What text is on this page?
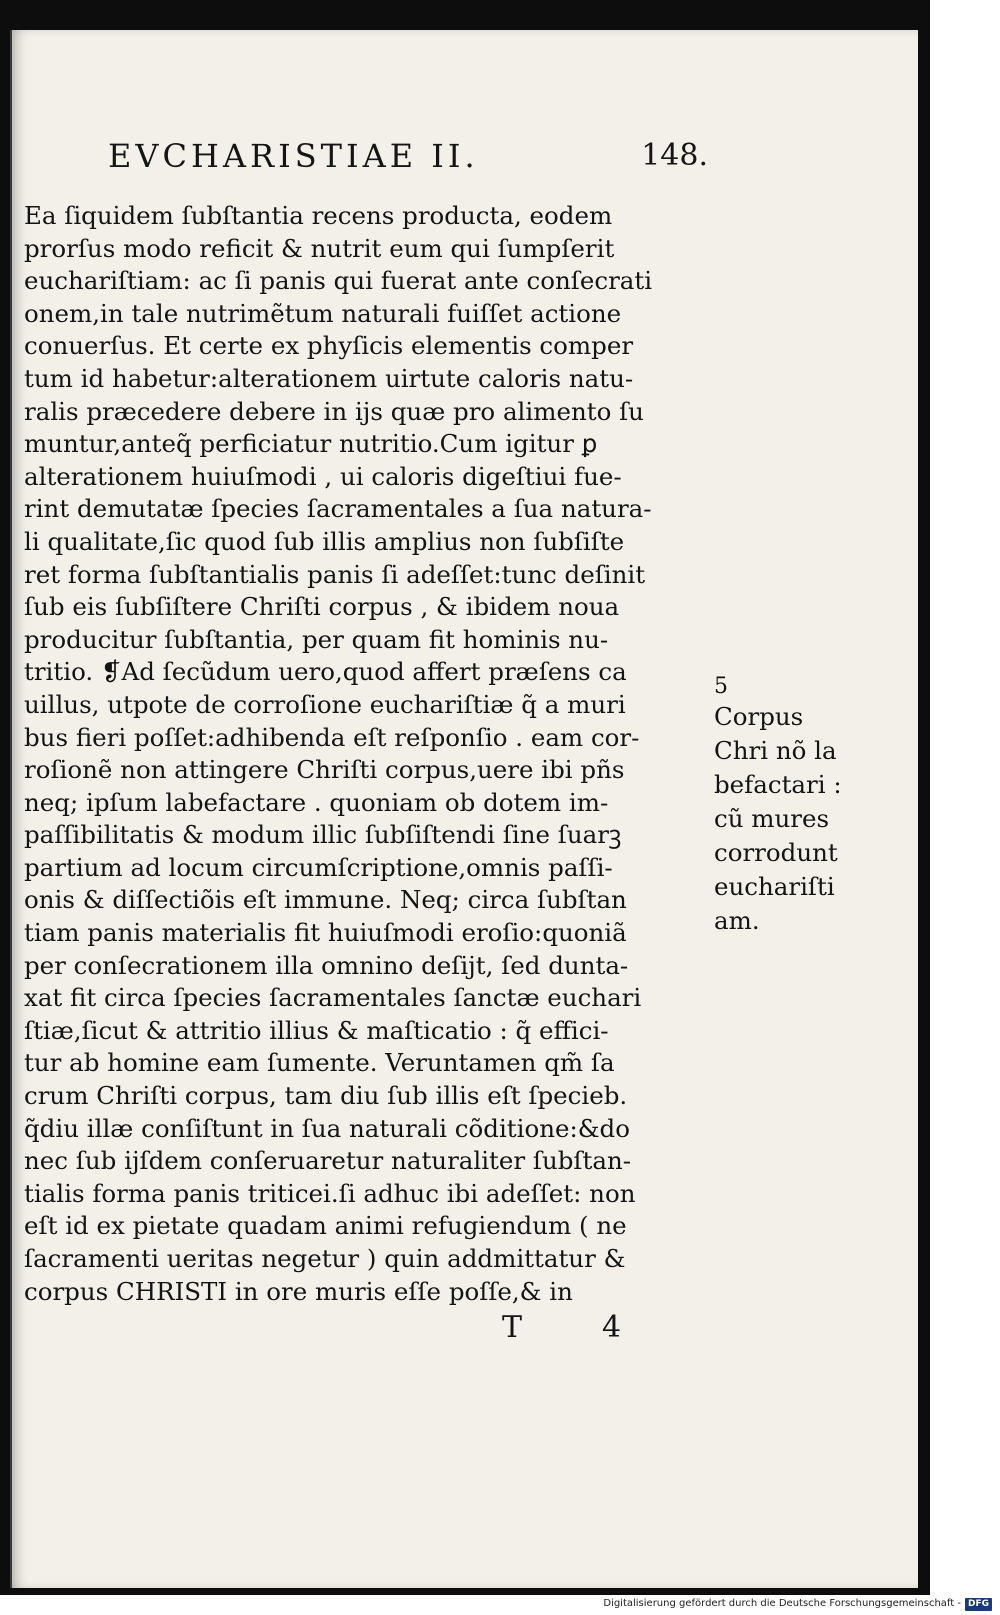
EVCHARISTIAE II.	148.
Ea ſiquidem ſubſtantia recens producta, eodem
prorſus modo reficit & nutrit eum qui ſumpſerit
euchariſtiam: ac ſi panis qui fuerat ante conſecrati
onem,in tale nutrimẽtum naturali fuiſſet actione
conuerſus. Et certe ex phyſicis elementis comper
tum id habetur:alterationem uirtute caloris natu-
ralis præcedere debere in ijs quæ pro alimento ſu
muntur,anteq̃ perficiatur nutritio.Cum igitur ꝑ
alterationem huiuſmodi , ui caloris digeſtiui fue-
rint demutatæ ſpecies ſacramentales a ſua natura-
li qualitate,ſic quod ſub illis amplius non ſubſiſte
ret forma ſubſtantialis panis ſi adeſſet:tunc deſinit
ſub eis ſubſiſtere Chriſti corpus , & ibidem noua
producitur ſubſtantia, per quam fit hominis nu-
tritio. ❡Ad ſecũdum uero,quod affert præſens ca
uillus, utpote de corroſione euchariſtiæ q̃ a muri
bus fieri poſſet:adhibenda eſt reſponſio . eam cor-
roſionẽ non attingere Chriſti corpus,uere ibi pñs
neq; ipſum labefactare . quoniam ob dotem im-
paſſibilitatis & modum illic ſubſiſtendi ſine ſuarꝫ
partium ad locum circumſcriptione,omnis paſſi-
onis & diſſectiõis eſt immune. Neq; circa ſubſtan
tiam panis materialis fit huiuſmodi eroſio:quoniã
per conſecrationem illa omnino deſijt, ſed dunta-
xat fit circa ſpecies ſacramentales ſanctæ euchari
ſtiæ,ſicut & attritio illius & maſticatio : q̃ effici-
tur ab homine eam ſumente. Veruntamen qm̃ ſa
crum Chriſti corpus, tam diu ſub illis eſt ſpecieb.
q̃diu illæ conſiſtunt in ſua naturali cõditione:&do
nec ſub ijſdem conſeruaretur naturaliter ſubſtan-
tialis forma panis triticei.ſi adhuc ibi adeſſet: non
eſt id ex pietate quadam animi refugiendum ( ne
ſacramenti ueritas negetur ) quin addmittatur &
corpus CHRISTI in ore muris eſſe poſſe,& in
5
Corpus
Chri nõ la
befactari :
cũ mures
corrodunt
euchariſti
am.
T	4
Digitalisierung gefördert durch die Deutsche Forschungsgemeinschaft - DFG
